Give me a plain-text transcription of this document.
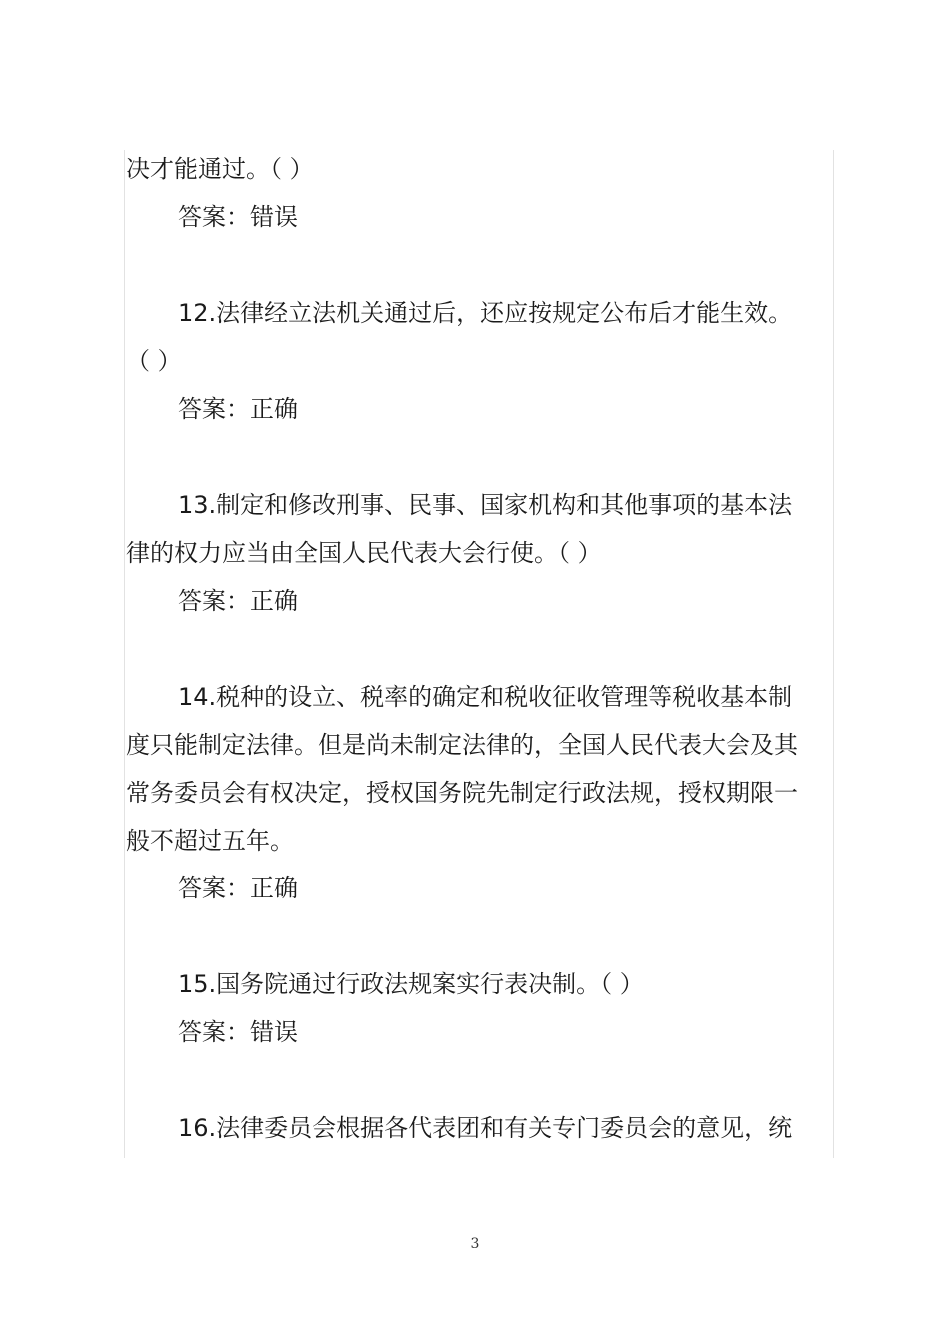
决才能通过。（ ）
答案：错误
12.法律经立法机关通过后，还应按规定公布后才能生效。
（ ）
答案：正确
13.制定和修改刑事、民事、国家机构和其他事项的基本法
律的权力应当由全国人民代表大会行使。（ ）
答案：正确
14.税种的设立、税率的确定和税收征收管理等税收基本制
度只能制定法律。但是尚未制定法律的，全国人民代表大会及其
常务委员会有权决定，授权国务院先制定行政法规，授权期限一
般不超过五年。
答案：正确
15.国务院通过行政法规案实行表决制。（ ）
答案：错误
16.法律委员会根据各代表团和有关专门委员会的意见，统
3
